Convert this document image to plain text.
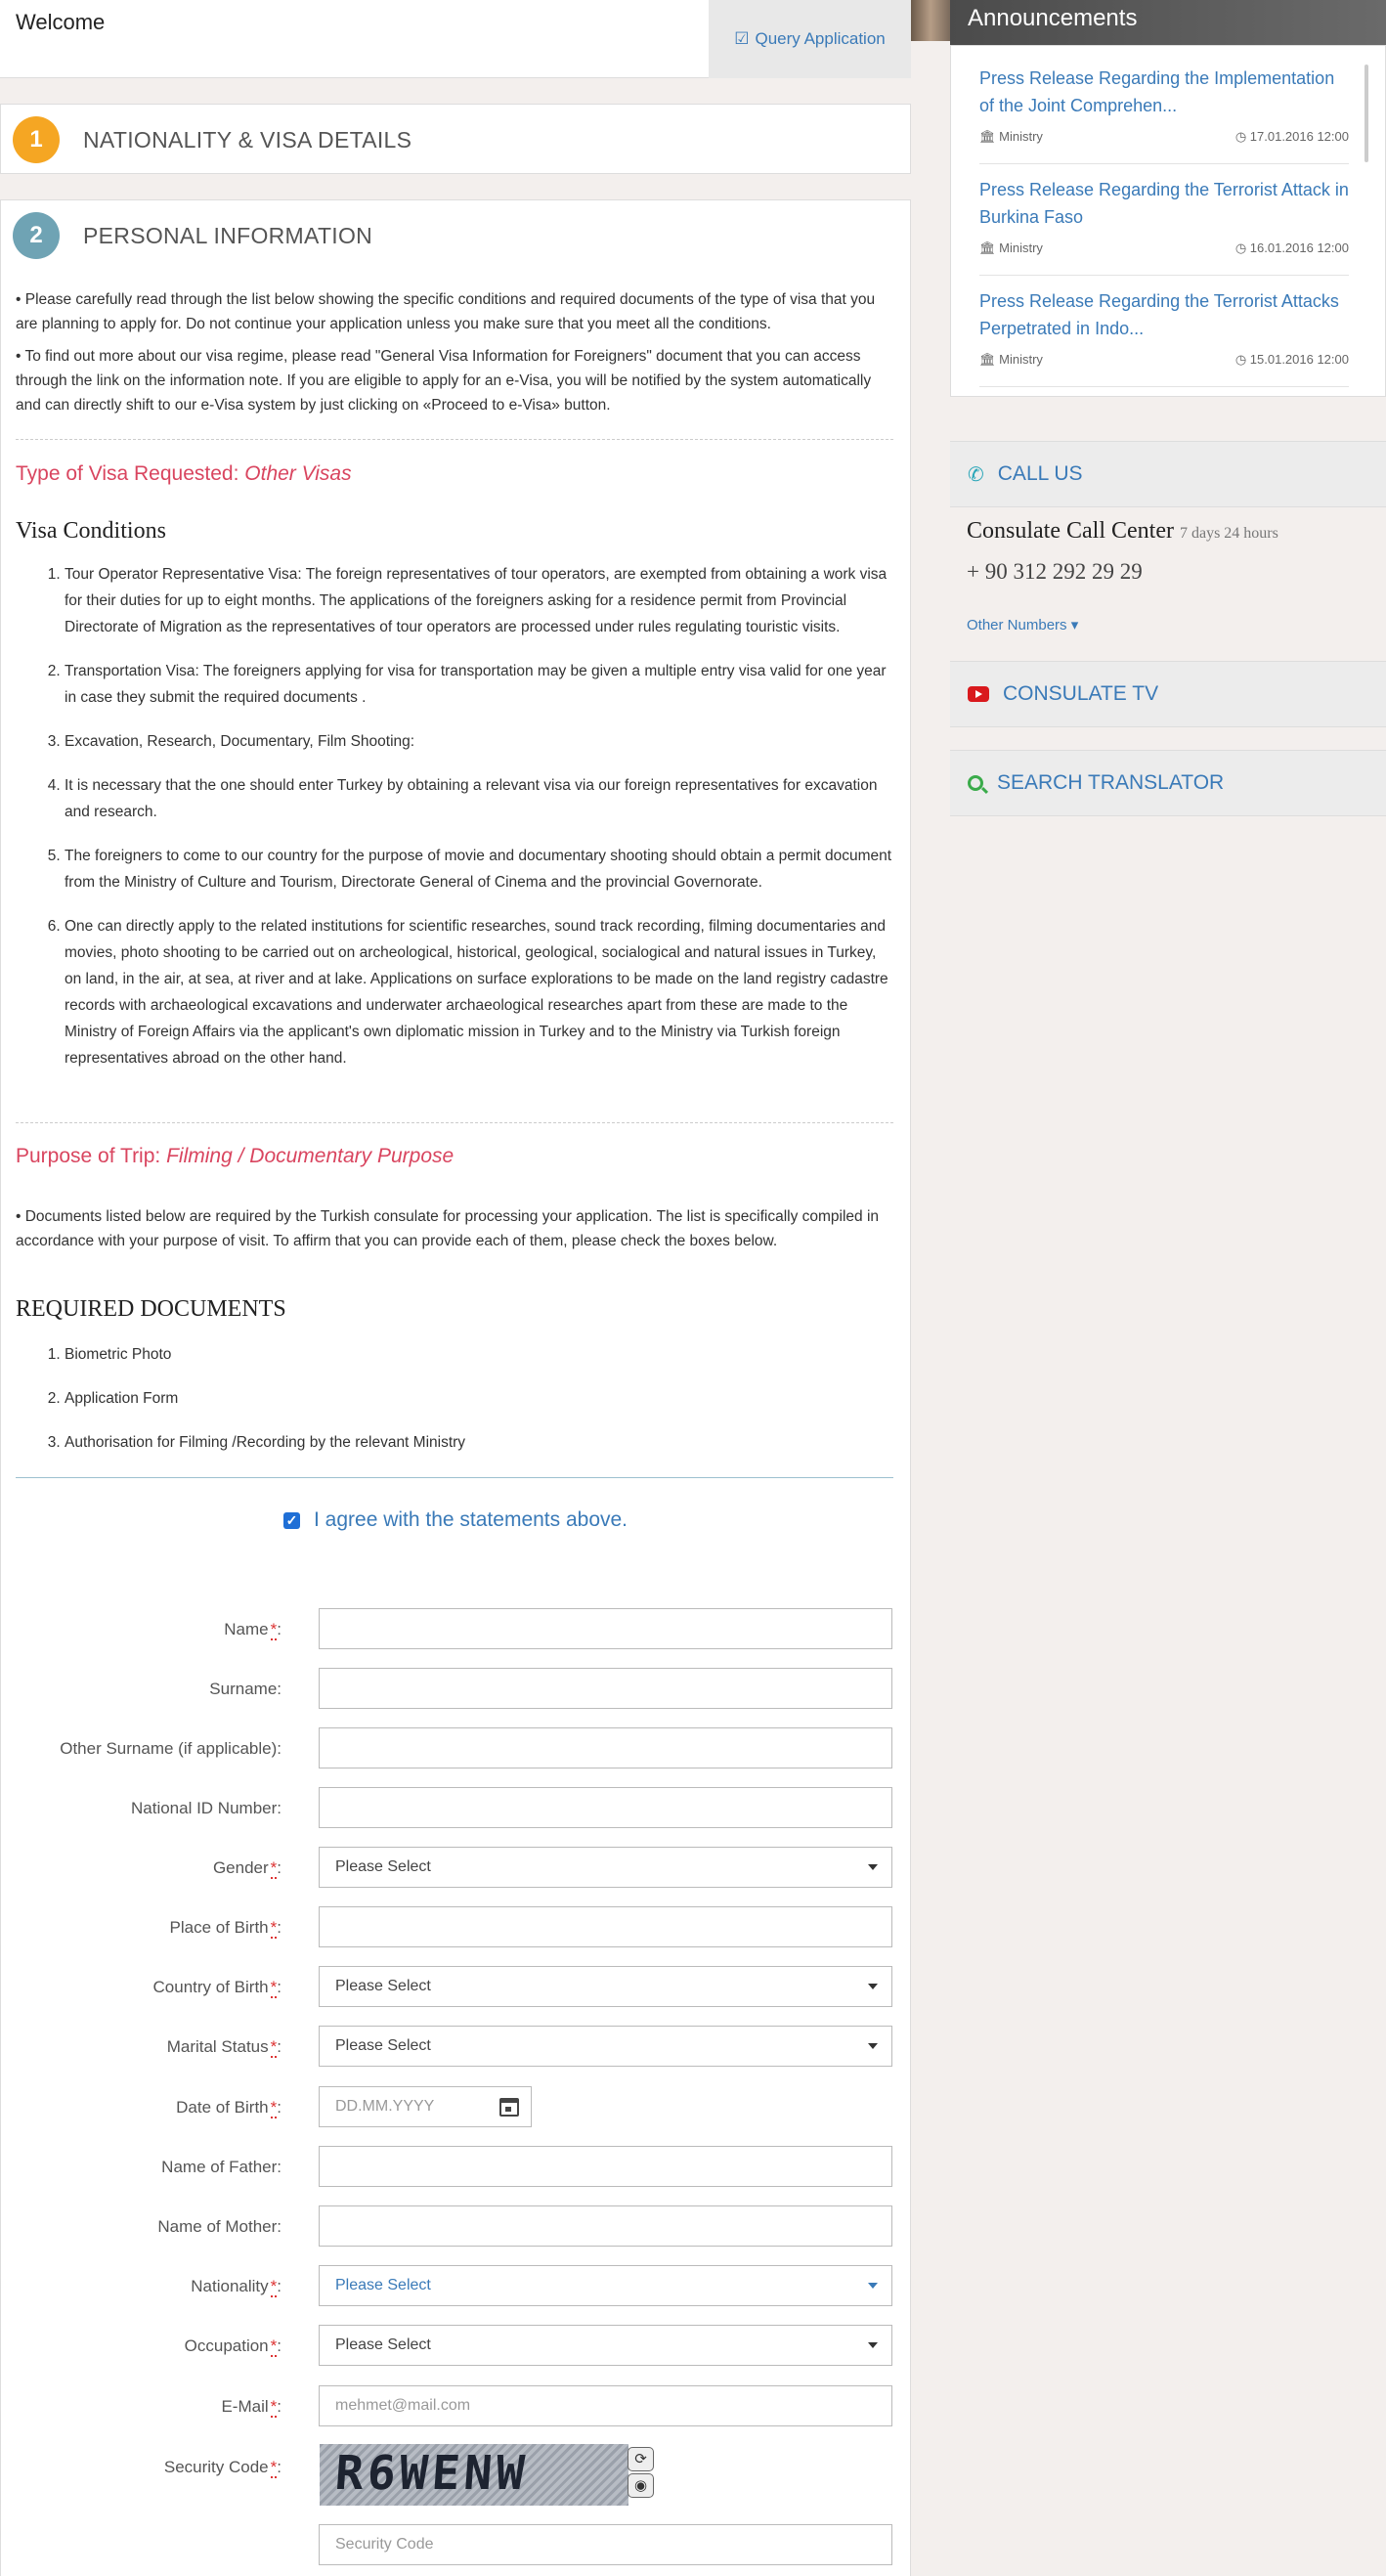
Welcome
☑ Query Application
1	NATIONALITY & VISA DETAILS
2	PERSONAL INFORMATION

• Please carefully read through the list below showing the specific conditions and required documents of the type of visa that you are planning to apply for. Do not continue your application unless you make sure that you meet all the conditions.

• To find out more about our visa regime, please read "General Visa Information for Foreigners" document that you can access through the link on the information note. If you are eligible to apply for an e-Visa, you will be notified by the system automatically and can directly shift to our e-Visa system by just clicking on «Proceed to e-Visa» button.

Type of Visa Requested: Other Visas
Visa Conditions
1. Tour Operator Representative Visa: The foreign representatives of tour operators, are exempted from obtaining a work visa for their duties for up to eight months. The applications of the foreigners asking for a residence permit from Provincial Directorate of Migration as the representatives of tour operators are processed under rules regulating touristic visits.
2. Transportation Visa: The foreigners applying for visa for transportation may be given a multiple entry visa valid for one year in case they submit the required documents .
3. Excavation, Research, Documentary, Film Shooting:
4. It is necessary that the one should enter Turkey by obtaining a relevant visa via our foreign representatives for excavation and research.
5. The foreigners to come to our country for the purpose of movie and documentary shooting should obtain a permit document from the Ministry of Culture and Tourism, Directorate General of Cinema and the provincial Governorate.
6. One can directly apply to the related institutions for scientific researches, sound track recording, filming documentaries and movies, photo shooting to be carried out on archeological, historical, geological, socialogical and natural issues in Turkey, on land, in the air, at sea, at river and at lake. Applications on surface explorations to be made on the land registry cadastre records with archaeological excavations and underwater archaeological researches apart from these are made to the Ministry of Foreign Affairs via the applicant's own diplomatic mission in Turkey and to the Ministry via Turkish foreign representatives abroad on the other hand.
Purpose of Trip: Filming / Documentary Purpose
• Documents listed below are required by the Turkish consulate for processing your application. The list is specifically compiled in accordance with your purpose of visit. To affirm that you can provide each of them, please check the boxes below.
REQUIRED DOCUMENTS
1. Biometric Photo
2. Application Form
3. Authorisation for Filming /Recording by the relevant Ministry
✓ I agree with the statements above.
Name *:
Surname:
Other Surname (if applicable):
National ID Number:
Gender *:	Please Select
Place of Birth *:
Country of Birth *:	Please Select
Marital Status *:	Please Select
Date of Birth *:	DD.MM.YYYY
Name of Father:
Name of Mother:
Nationality *:	Please Select
Occupation *:	Please Select
E-Mail *:	mehmet@mail.com
Security Code *: R6WENW	⟳
◉
Security Code
Announcements
Press Release Regarding the Implementation of the Joint Comprehen...
🏛 Ministry	◷ 17.01.2016 12:00
Press Release Regarding the Terrorist Attack in Burkina Faso
🏛 Ministry	◷ 16.01.2016 12:00
Press Release Regarding the Terrorist Attacks Perpetrated in Indo...
🏛 Ministry	◷ 15.01.2016 12:00
✆ CALL US
Consulate Call Center 7 days 24 hours
+ 90 312 292 29 29
Other Numbers ▾
CONSULATE TV
SEARCH TRANSLATOR
